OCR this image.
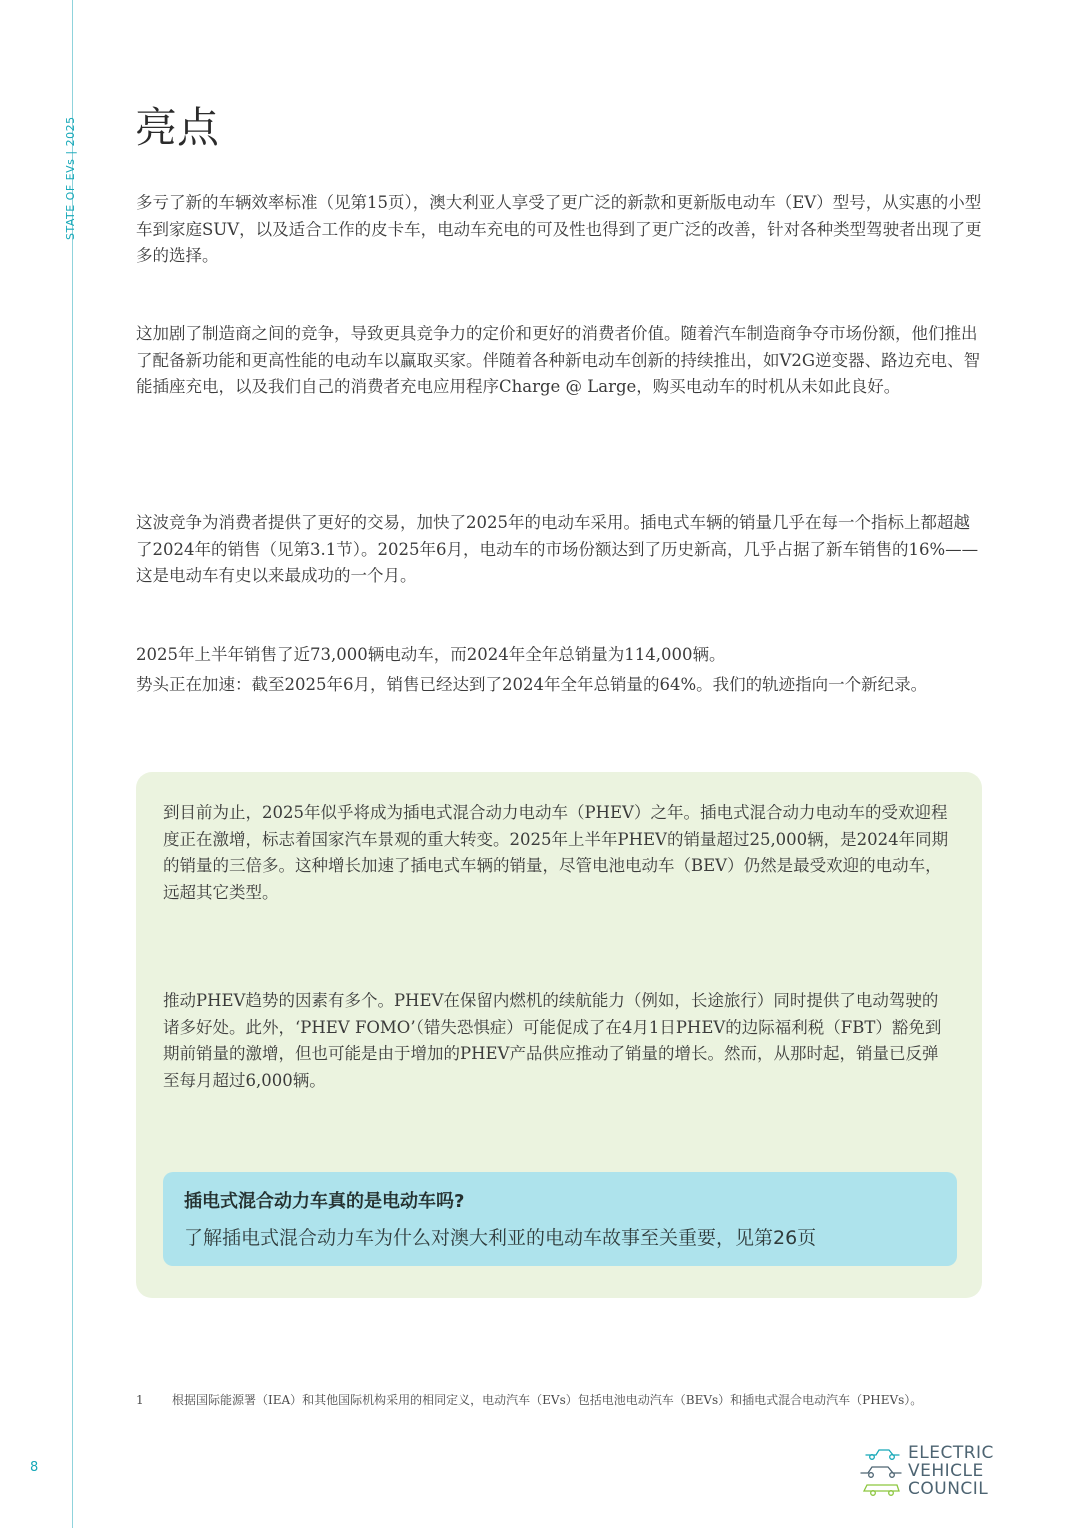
STATE OF EVs | 2025 亮点

多亏了新的车辆效率标准（见第15页），澳大利亚人享受了更广泛的新款和更新版电动车（EV）型号，从实惠的小型车到家庭SUV，以及适合工作的皮卡车，电动车充电的可及性也得到了更广泛的改善，针对各种类型驾驶者出现了更多的选择。

这加剧了制造商之间的竞争，导致更具竞争力的定价和更好的消费者价值。随着汽车制造商争夺市场份额，他们推出了配备新功能和更高性能的电动车以赢取买家。伴随着各种新电动车创新的持续推出，如V2G逆变器、路边充电、智能插座充电，以及我们自己的消费者充电应用程序Charge @ Large，购买电动车的时机从未如此良好。

这波竞争为消费者提供了更好的交易，加快了2025年的电动车采用。插电式车辆的销量几乎在每一个指标上都超越了2024年的销售（见第3.1节）。2025年6月，电动车的市场份额达到了历史新高，几乎占据了新车销售的16%——这是电动车有史以来最成功的一个月。

2025年上半年销售了近73,000辆电动车，而2024年全年总销量为114,000辆。
势头正在加速：截至2025年6月，销售已经达到了2024年全年总销量的64%。我们的轨迹指向一个新纪录。

到目前为止，2025年似乎将成为插电式混合动力电动车（PHEV）之年。插电式混合动力电动车的受欢迎程度正在激增，标志着国家汽车景观的重大转变。2025年上半年PHEV的销量超过25,000辆，是2024年同期的销量的三倍多。这种增长加速了插电式车辆的销量，尽管电池电动车（BEV）仍然是最受欢迎的电动车，远超其它类型。

推动PHEV趋势的因素有多个。PHEV在保留内燃机的续航能力（例如，长途旅行）同时提供了电动驾驶的诸多好处。此外，‘PHEV FOMO’（错失恐惧症）可能促成了在4月1日PHEV的边际福利税（FBT）豁免到期前销量的激增，但也可能是由于增加的PHEV产品供应推动了销量的增长。然而，从那时起，销量已反弹至每月超过6,000辆。

插电式混合动力车真的是电动车吗?

了解插电式混合动力车为什么对澳大利亚的电动车故事至关重要，见第26页

1 根据国际能源署（IEA）和其他国际机构采用的相同定义，电动汽车（EVs）包括电池电动汽车（BEVs）和插电式混合电动汽车（PHEVs）。

8
ELECTRIC
VEHICLE
COUNCIL
